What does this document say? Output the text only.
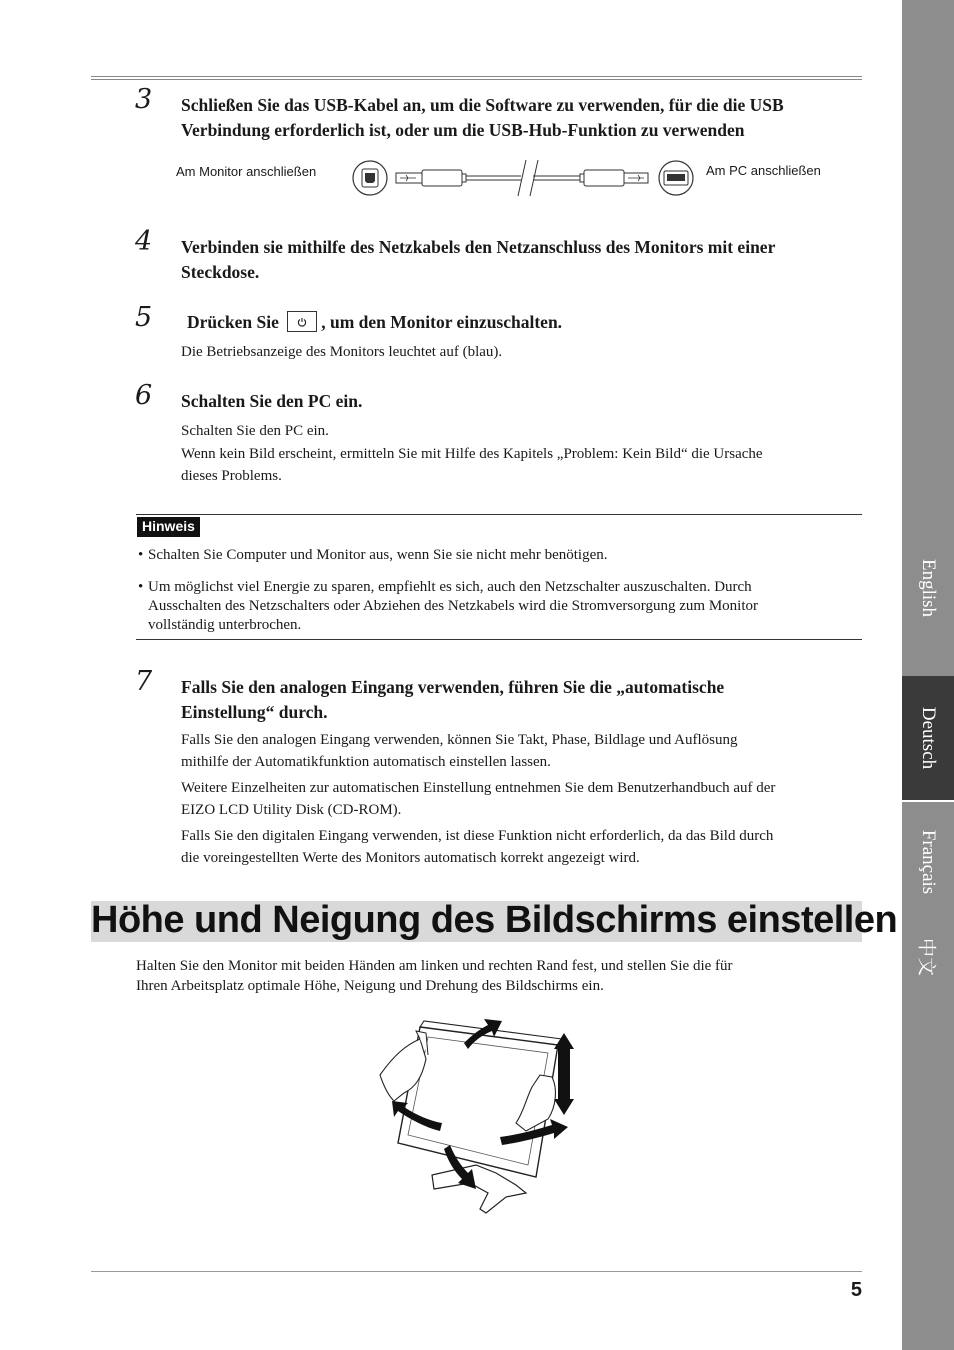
3 Schließen Sie das USB-Kabel an, um die Software zu verwenden, für die die USB
Verbindung erforderlich ist, oder um die USB-Hub-Funktion zu verwenden
Am Monitor anschließen	Am PC anschließen
4 Verbinden sie mithilfe des Netzkabels den Netzanschluss des Monitors mit einer
Steckdose.
5 Drücken Sie , um den Monitor einzuschalten.
Die Betriebsanzeige des Monitors leuchtet auf (blau).
6 Schalten Sie den PC ein.
Schalten Sie den PC ein.
Wenn kein Bild erscheint, ermitteln Sie mit Hilfe des Kapitels „Problem: Kein Bild“ die Ursache
dieses Problems.
Hinweis
• Schalten Sie Computer und Monitor aus, wenn Sie sie nicht mehr benötigen.
• Um möglichst viel Energie zu sparen, empfiehlt es sich, auch den Netzschalter auszuschalten. Durch
Ausschalten des Netzschalters oder Abziehen des Netzkabels wird die Stromversorgung zum Monitor
vollständig unterbrochen.
7 Falls Sie den analogen Eingang verwenden, führen Sie die „automatische
Einstellung“ durch.
Falls Sie den analogen Eingang verwenden, können Sie Takt, Phase, Bildlage und Auflösung
mithilfe der Automatikfunktion automatisch einstellen lassen.
Weitere Einzelheiten zur automatischen Einstellung entnehmen Sie dem Benutzerhandbuch auf der
EIZO LCD Utility Disk (CD-ROM).
Falls Sie den digitalen Eingang verwenden, ist diese Funktion nicht erforderlich, da das Bild durch
die voreingestellten Werte des Monitors automatisch korrekt angezeigt wird.
Höhe und Neigung des Bildschirms einstellen
Halten Sie den Monitor mit beiden Händen am linken und rechten Rand fest, und stellen Sie die für
Ihren Arbeitsplatz optimale Höhe, Neigung und Drehung des Bildschirms ein.
5
English
Deutsch
Français
中文
